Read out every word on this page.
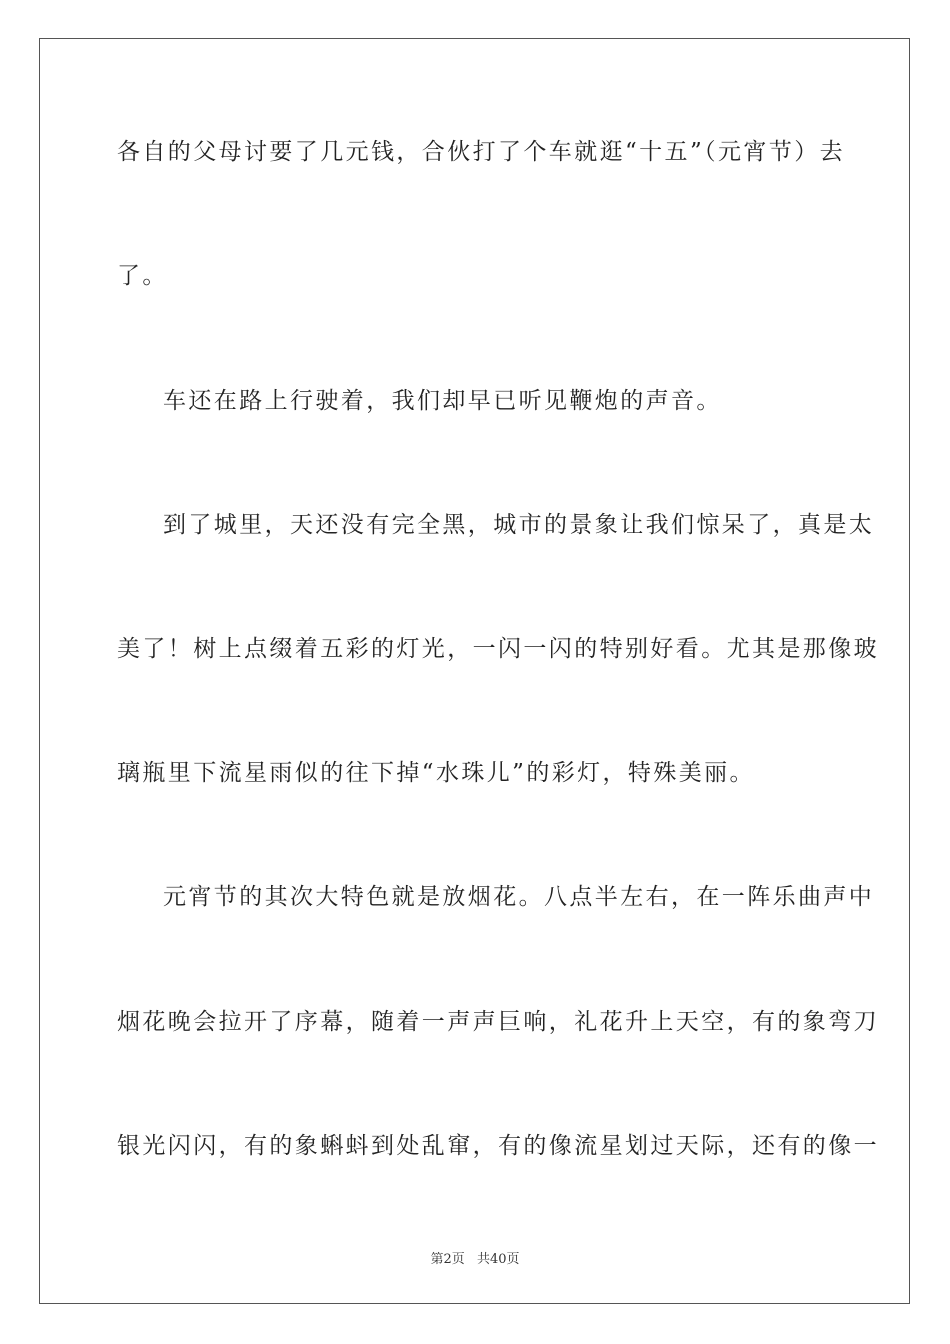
各自的父母讨要了几元钱，合伙打了个车就逛“十五”（元宵节）去
了。
车还在路上行驶着，我们却早已听见鞭炮的声音。
到了城里，天还没有完全黑，城市的景象让我们惊呆了，真是太
美了！树上点缀着五彩的灯光，一闪一闪的特别好看。尤其是那像玻
璃瓶里下流星雨似的往下掉“水珠儿”的彩灯，特殊美丽。
元宵节的其次大特色就是放烟花。八点半左右，在一阵乐曲声中
烟花晚会拉开了序幕，随着一声声巨响，礼花升上天空，有的象弯刀
银光闪闪，有的象蝌蚪到处乱窜，有的像流星划过天际，还有的像一
第2页 共40页
